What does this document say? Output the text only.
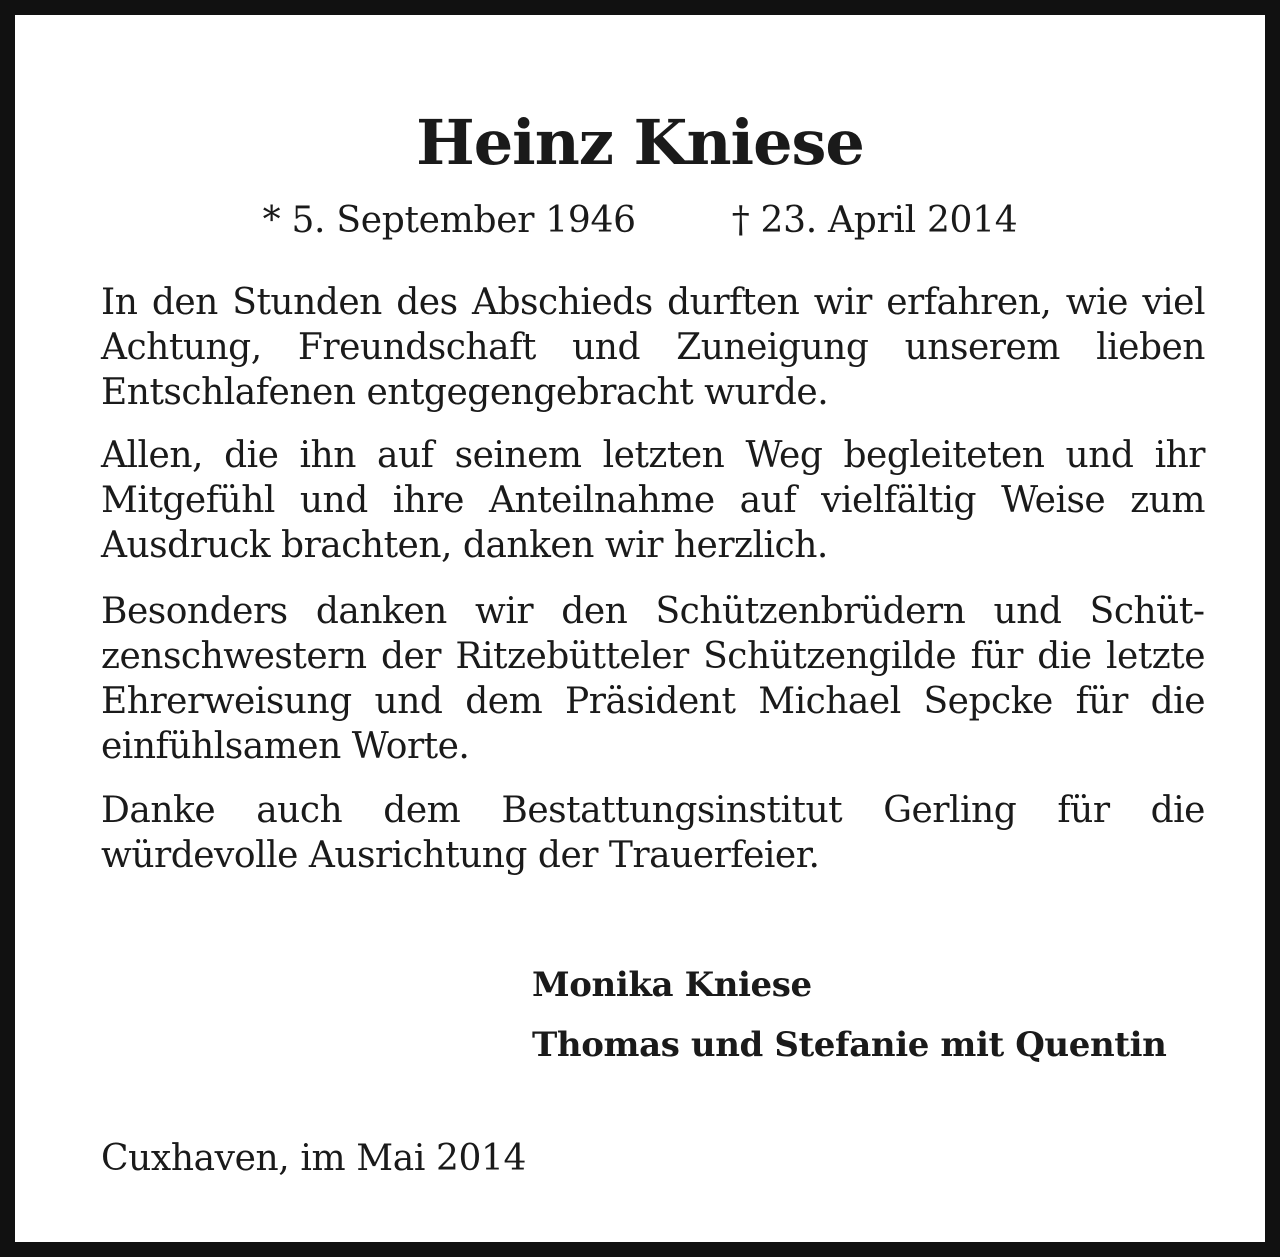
Heinz Kniese
* 5. September 1946	† 23. April 2014

In den Stunden des Abschieds durften wir erfahren, wie viel Achtung, Freundschaft und Zuneigung unserem lieben Entschlafenen entgegengebracht wurde.

Allen, die ihn auf seinem letzten Weg begleiteten und ihr Mitgefühl und ihre Anteilnahme auf vielfältig Weise zum Ausdruck brachten, danken wir herzlich.

Besonders danken wir den Schützenbrüdern und Schützenschwestern der Ritzebütteler Schützengilde für die letzte Ehrerweisung und dem Präsident Michael Sepcke für die einfühlsamen Worte.

Danke auch dem Bestattungsinstitut Gerling für die würdevolle Ausrichtung der Trauerfeier.

Monika Kniese

Thomas und Stefanie mit Quentin

Cuxhaven, im Mai 2014
